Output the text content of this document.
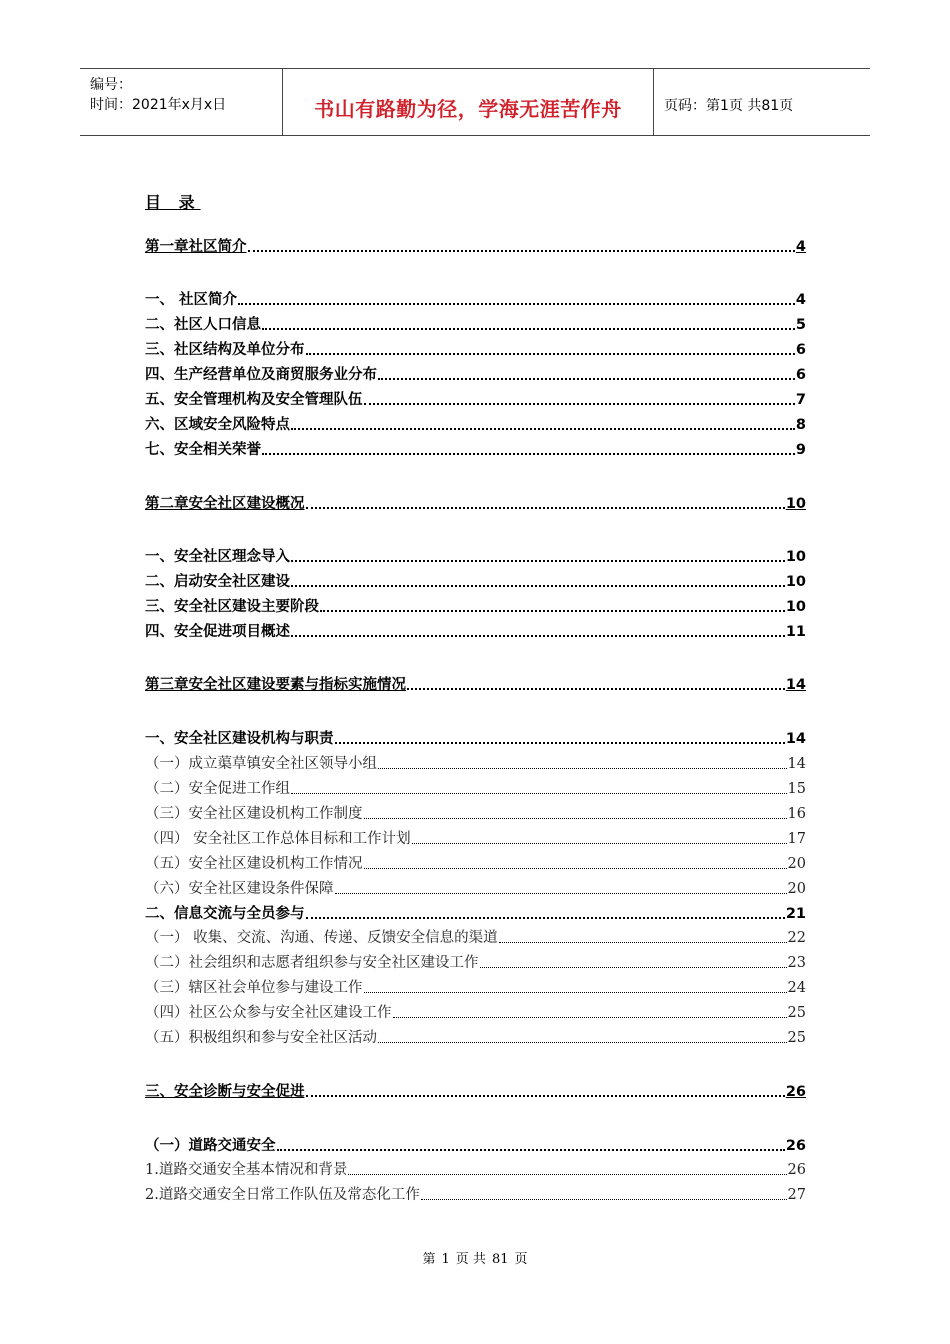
编号：
时间：2021年x月x日	书山有路勤为径，学海无涯苦作舟	页码：第1页 共81页
目 录
第一章社区简介	4
一、 社区简介	4
二、社区人口信息	5
三、社区结构及单位分布	6
四、生产经营单位及商贸服务业分布	6
五、安全管理机构及安全管理队伍	7
六、区域安全风险特点	8
七、安全相关荣誉	9
第二章安全社区建设概况	10
一、安全社区理念导入	10
二、启动安全社区建设	10
三、安全社区建设主要阶段	10
四、安全促进项目概述	11
第三章安全社区建设要素与指标实施情况	14
一、安全社区建设机构与职责	14
（一）成立蕖草镇安全社区领导小组	14
（二）安全促进工作组	15
（三）安全社区建设机构工作制度	16
（四） 安全社区工作总体目标和工作计划	17
（五）安全社区建设机构工作情况	20
（六）安全社区建设条件保障	20
二、信息交流与全员参与	21
（一） 收集、交流、沟通、传递、反馈安全信息的渠道	22
（二）社会组织和志愿者组织参与安全社区建设工作	23
（三）辖区社会单位参与建设工作	24
（四）社区公众参与安全社区建设工作	25
（五）积极组织和参与安全社区活动	25
三、安全诊断与安全促进	26
（一）道路交通安全	26
1.道路交通安全基本情况和背景	26
2.道路交通安全日常工作队伍及常态化工作	27
第 1 页 共 81 页
